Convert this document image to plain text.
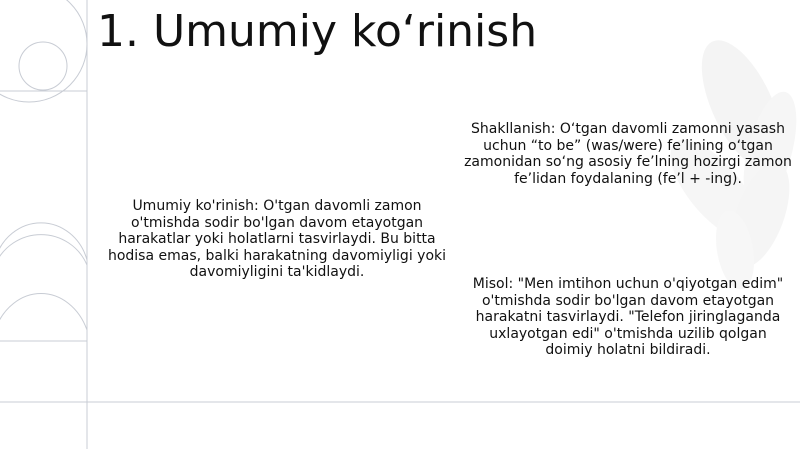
1. Umumiy ko‘rinish

Umumiy ko'rinish: O'tgan davomli zamon o'tmishda sodir bo'lgan davom etayotgan harakatlar yoki holatlarni tasvirlaydi. Bu bitta hodisa emas, balki harakatning davomiyligi yoki davomiyligini ta'kidlaydi.

Shakllanish: O‘tgan davomli zamonni yasash uchun “to be” (was/were) fe’lining o‘tgan zamonidan so‘ng asosiy fe’lning hozirgi zamon fe’lidan foydalaning (fe’l + -ing).

Misol: "Men imtihon uchun o'qiyotgan edim" o'tmishda sodir bo'lgan davom etayotgan harakatni tasvirlaydi. "Telefon jiringlaganda uxlayotgan edi" o'tmishda uzilib qolgan doimiy holatni bildiradi.
